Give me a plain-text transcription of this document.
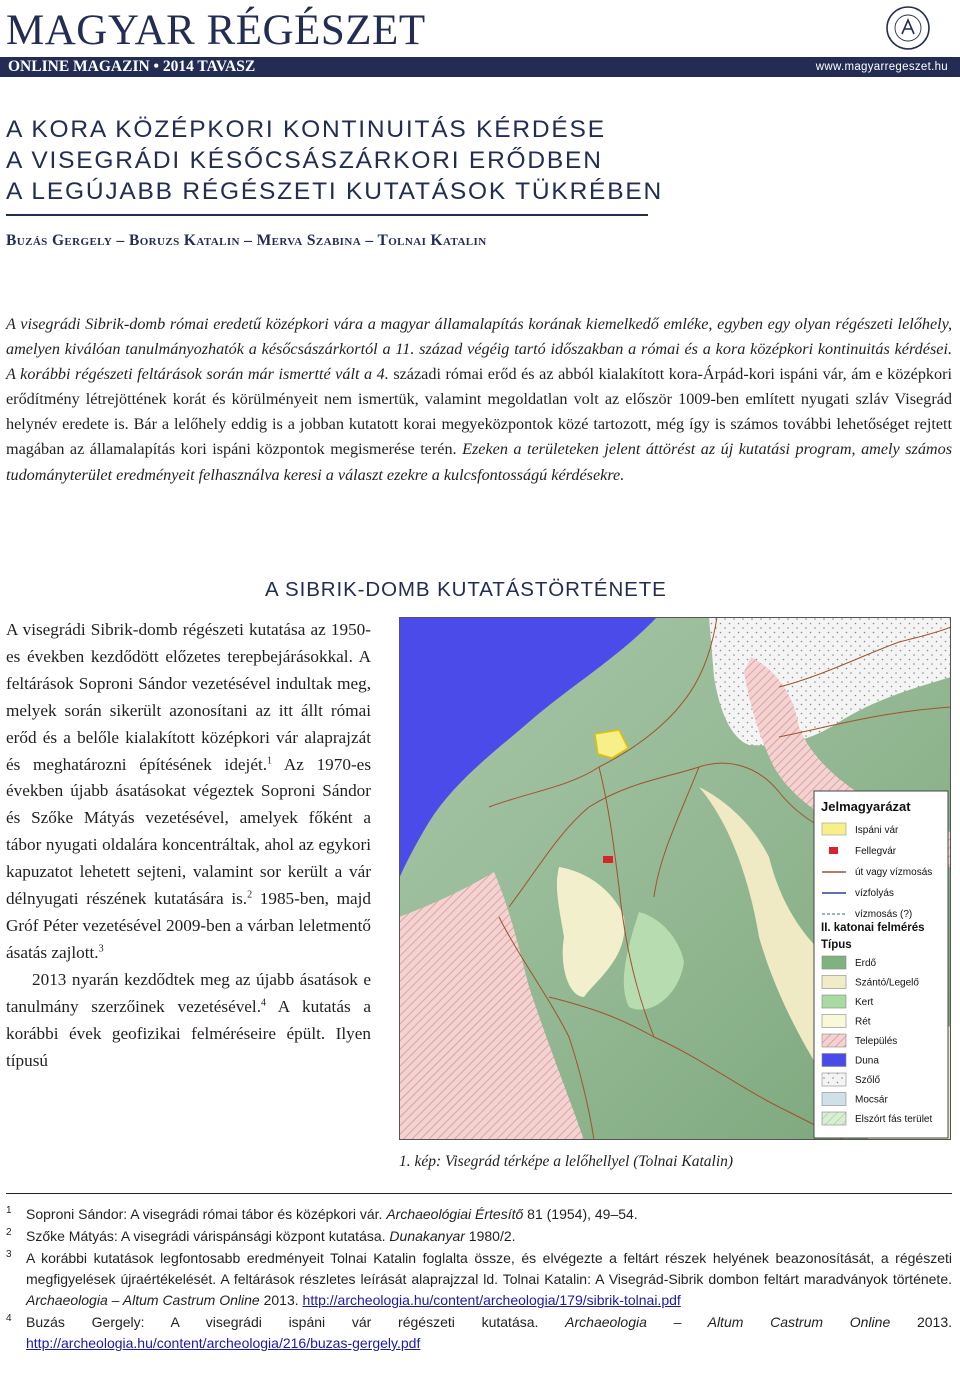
MAGYAR RÉGÉSZET
ONLINE MAGAZIN • 2014 TAVASZ	www.magyarregeszet.hu
A KORA KÖZÉPKORI KONTINUITÁS KÉRDÉSE
A VISEGRÁDI KÉSŐCSÁSZÁRKORI ERŐDBEN
A LEGÚJABB RÉGÉSZETI KUTATÁSOK TÜKRÉBEN
Buzás Gergely – Boruzs Katalin – Merva Szabina – Tolnai Katalin

A visegrádi Sibrik-domb római eredetű középkori vára a magyar államalapítás korának kiemelkedő emléke, egyben egy olyan régészeti lelőhely, amelyen kiválóan tanulmányozhatók a későcsászárkortól a 11. század végéig tartó időszakban a római és a kora középkori kontinuitás kérdései. A korábbi régészeti feltárások során már ismertté vált a 4. századi római erőd és az abból kialakított kora-Árpád-kori ispáni vár, ám e középkori erődítmény létrejöttének korát és körülményeit nem ismertük, valamint megoldatlan volt az először 1009-ben említett nyugati szláv Visegrád helynév eredete is. Bár a lelőhely eddig is a jobban kutatott korai megyeközpontok közé tartozott, még így is számos további lehetőséget rejtett magában az államalapítás kori ispáni központok megismerése terén. Ezeken a területeken jelent áttörést az új kutatási program, amely számos tudományterület eredményeit felhasználva keresi a választ ezekre a kulcsfontosságú kérdésekre.

A SIBRIK-DOMB KUTATÁSTÖRTÉNETE

A visegrádi Sibrik-domb régészeti kutatása az 1950-es években kezdődött előzetes terepbejárásokkal. A feltárások Soproni Sándor vezetésével indultak meg, melyek során sikerült azonosítani az itt állt római erőd és a belőle kialakított középkori vár alaprajzát és meghatározni építésének idejét.$^1$ Az 1970-es években újabb ásatásokat végeztek Soproni Sándor és Szőke Mátyás vezetésével, amelyek főként a tábor nyugati oldalára koncentráltak, ahol az egykori kapuzatot lehetett sejteni, valamint sor került a vár délnyugati részének kutatására is.$^2$ 1985-ben, majd Gróf Péter vezetésével 2009-ben a várban leletmentő ásatás zajlott.$^3$

2013 nyarán kezdődtek meg az újabb ásatások e tanulmány szerzőinek vezetésével.$^4$ A kutatás a korábbi évek geofizikai felméréseire épült. Ilyen típusú

Jelmagyarázat
Ispáni vár
Fellegvár
út vagy vízmosás
vízfolyás
vízmosás (?)
II. katonai felmérés
Típus
Erdő
Szántó/Legelő
Kert
Rét
Település
Duna
Szőlő
Mocsár
Elszórt fás terület
1. kép: Visegrád térképe a lelőhellyel (Tolnai Katalin)

1 Soproni Sándor: A visegrádi római tábor és középkori vár. Archaeológiai Értesítő 81 (1954), 49–54.

2 Szőke Mátyás: A visegrádi várispánsági központ kutatása. Dunakanyar 1980/2.

3 A korábbi kutatások legfontosabb eredményeit Tolnai Katalin foglalta össze, és elvégezte a feltárt részek helyének beazonosítását, a régészeti megfigyelések újraértékelését. A feltárások részletes leírását alaprajzzal ld. Tolnai Katalin: A Visegrád-Sibrik dombon feltárt maradványok története. Archaeologia – Altum Castrum Online 2013. http://archeologia.hu/content/archeologia/179/sibrik-tolnai.pdf

4 Buzás Gergely: A visegrádi ispáni vár régészeti kutatása. Archaeologia – Altum Castrum Online 2013. http://archeologia.hu/content/archeologia/216/buzas-gergely.pdf
